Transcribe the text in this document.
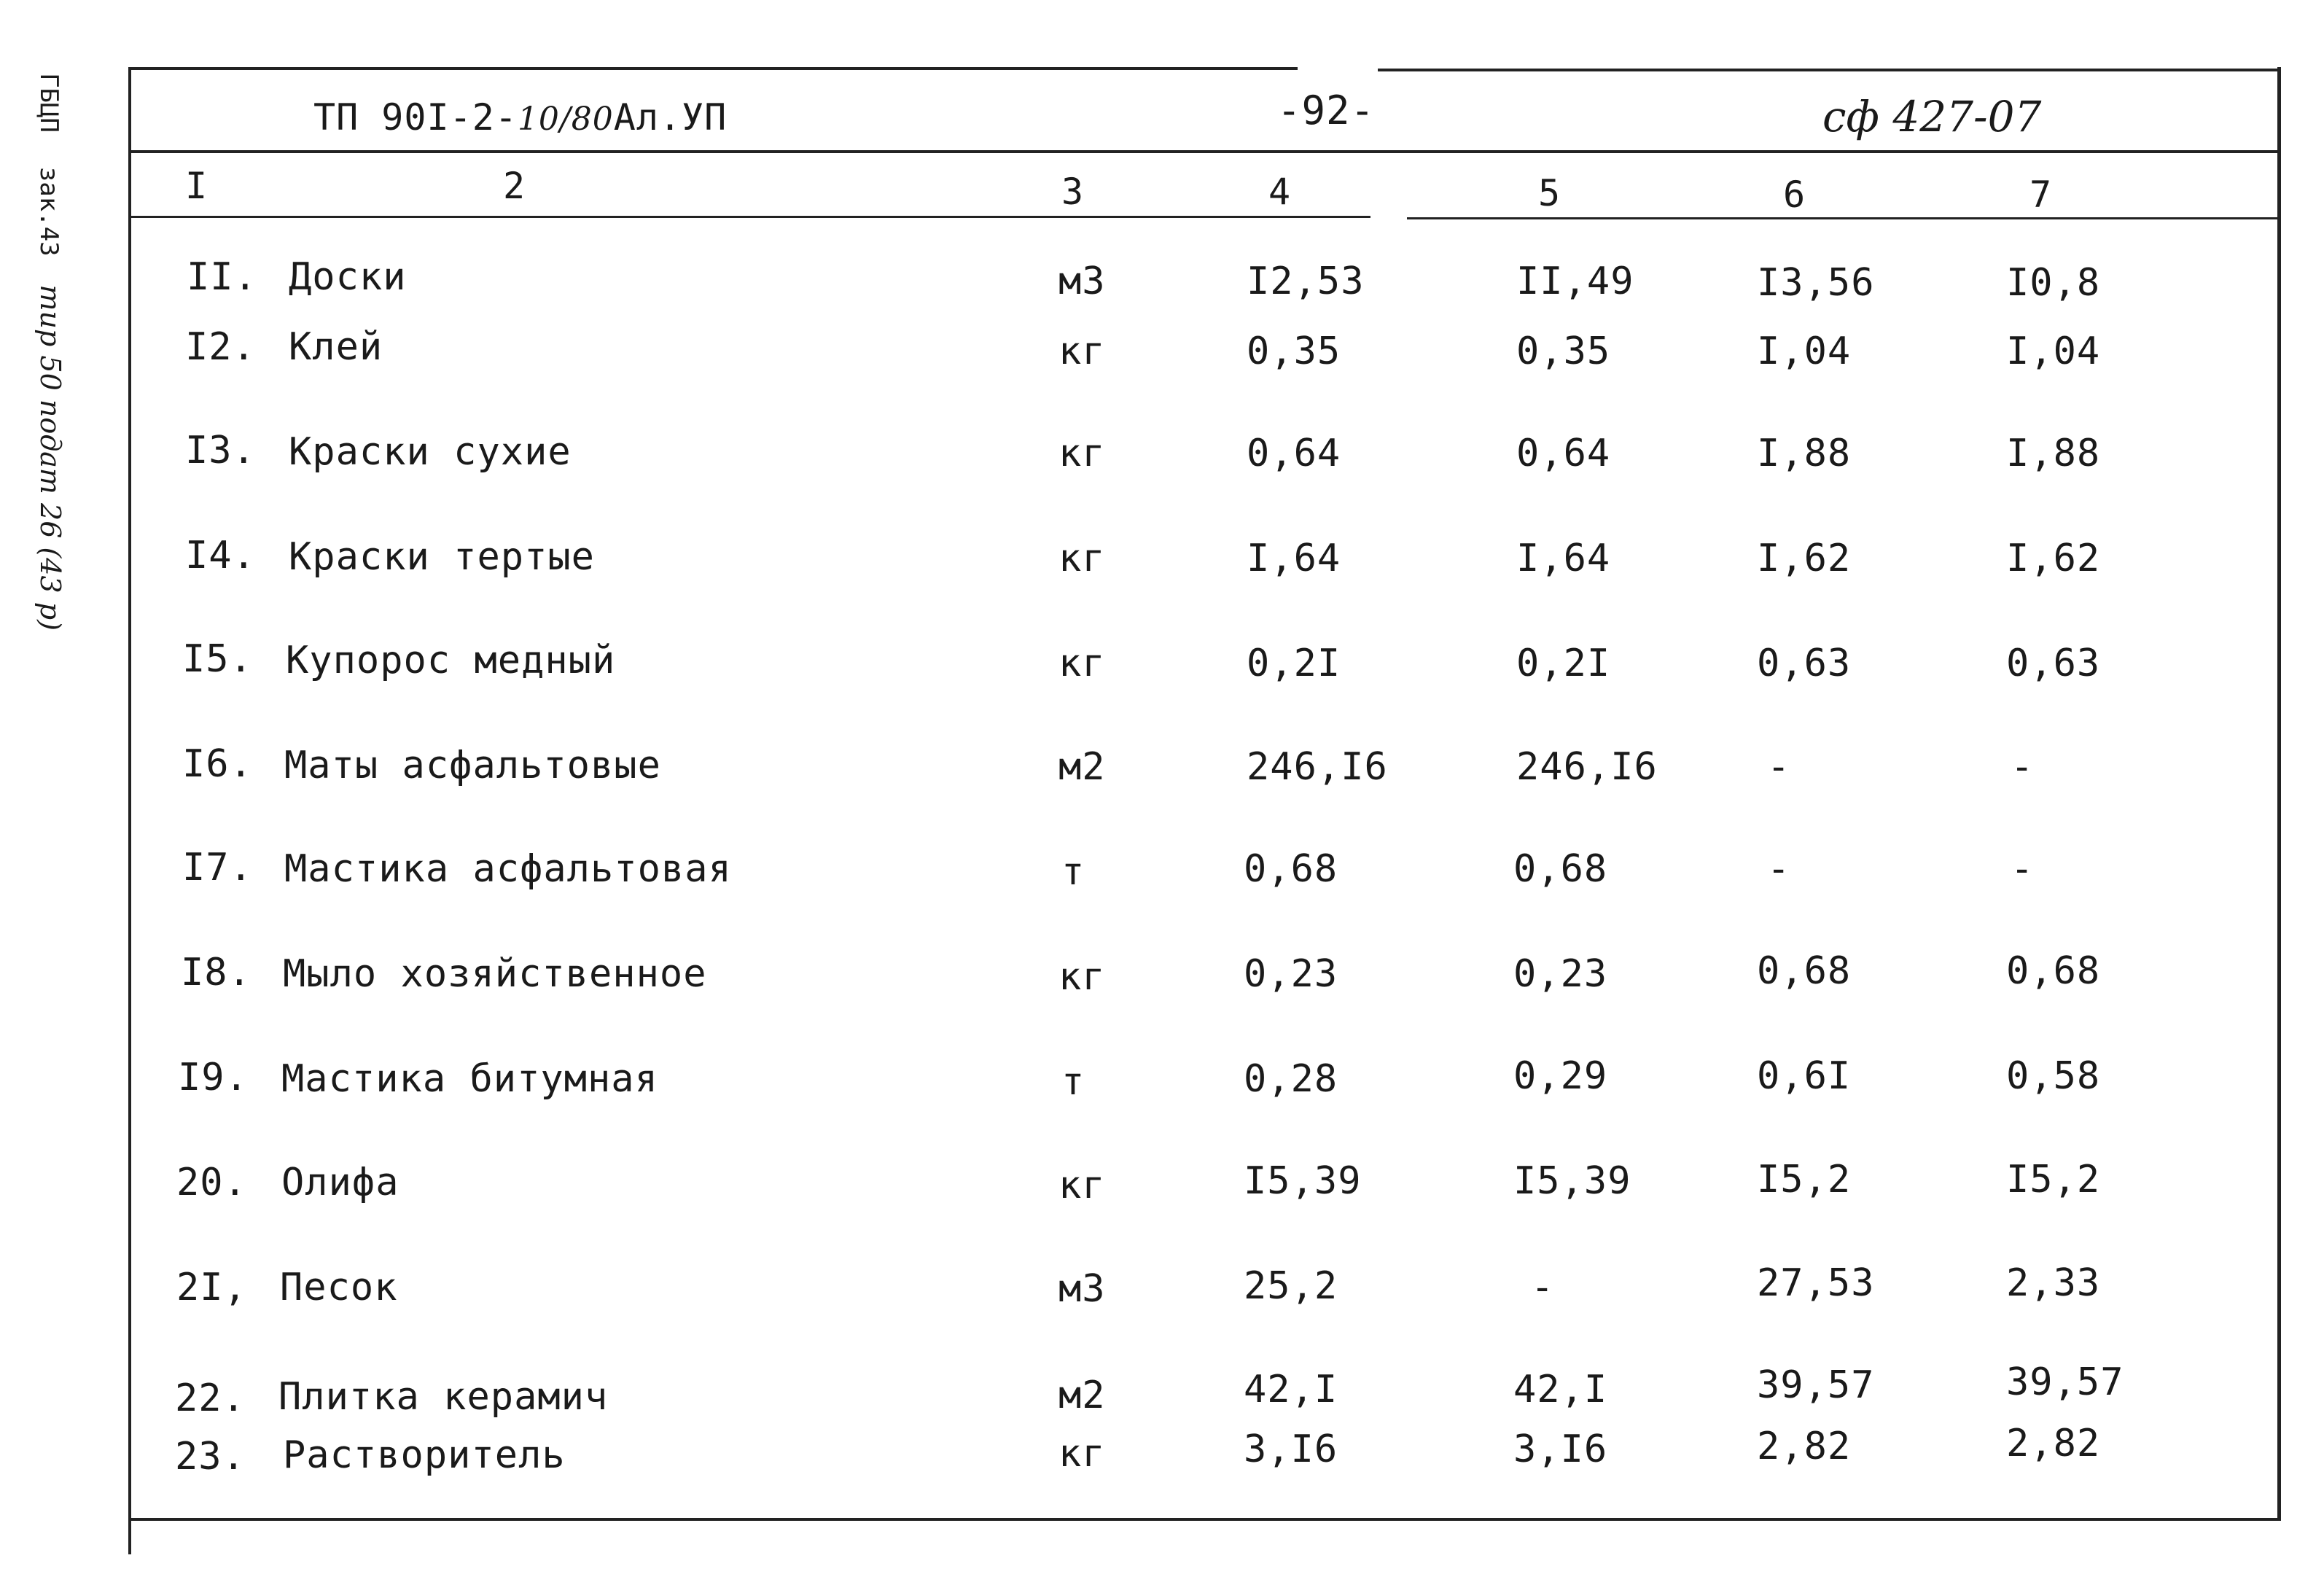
ГБЦП зак.43 тир 50 подат 26 (43 р)
ТП 90I-2-10/80Ал.УП	-92-	сф 427-07
I	2	3	4	5	6	7
II. Доски	м3	I2,53	II,49	I3,56	I0,8
I2. Клей	кг	0,35	0,35	I,04	I,04
I3. Краски сухие	кг	0,64	0,64	I,88	I,88
I4. Краски тертые	кг	I,64	I,64	I,62	I,62
I5. Купорос медный	кг	0,2I	0,2I	0,63	0,63
I6. Маты асфальтовые	м2	246,I6	246,I6	-	-
I7. Мастика асфальтовая	т	0,68	0,68	-	-
I8. Мыло хозяйственное	кг	0,23	0,23	0,68	0,68
I9. Мастика битумная	т	0,28	0,29	0,6I	0,58
20. Олифа	кг	I5,39	I5,39	I5,2	I5,2
2I, Песок	м3	25,2	-	27,53	2,33
22. Плитка керамич	м2	42,I	42,I	39,57	39,57
23. Растворитель	кг	3,I6	3,I6	2,82	2,82
